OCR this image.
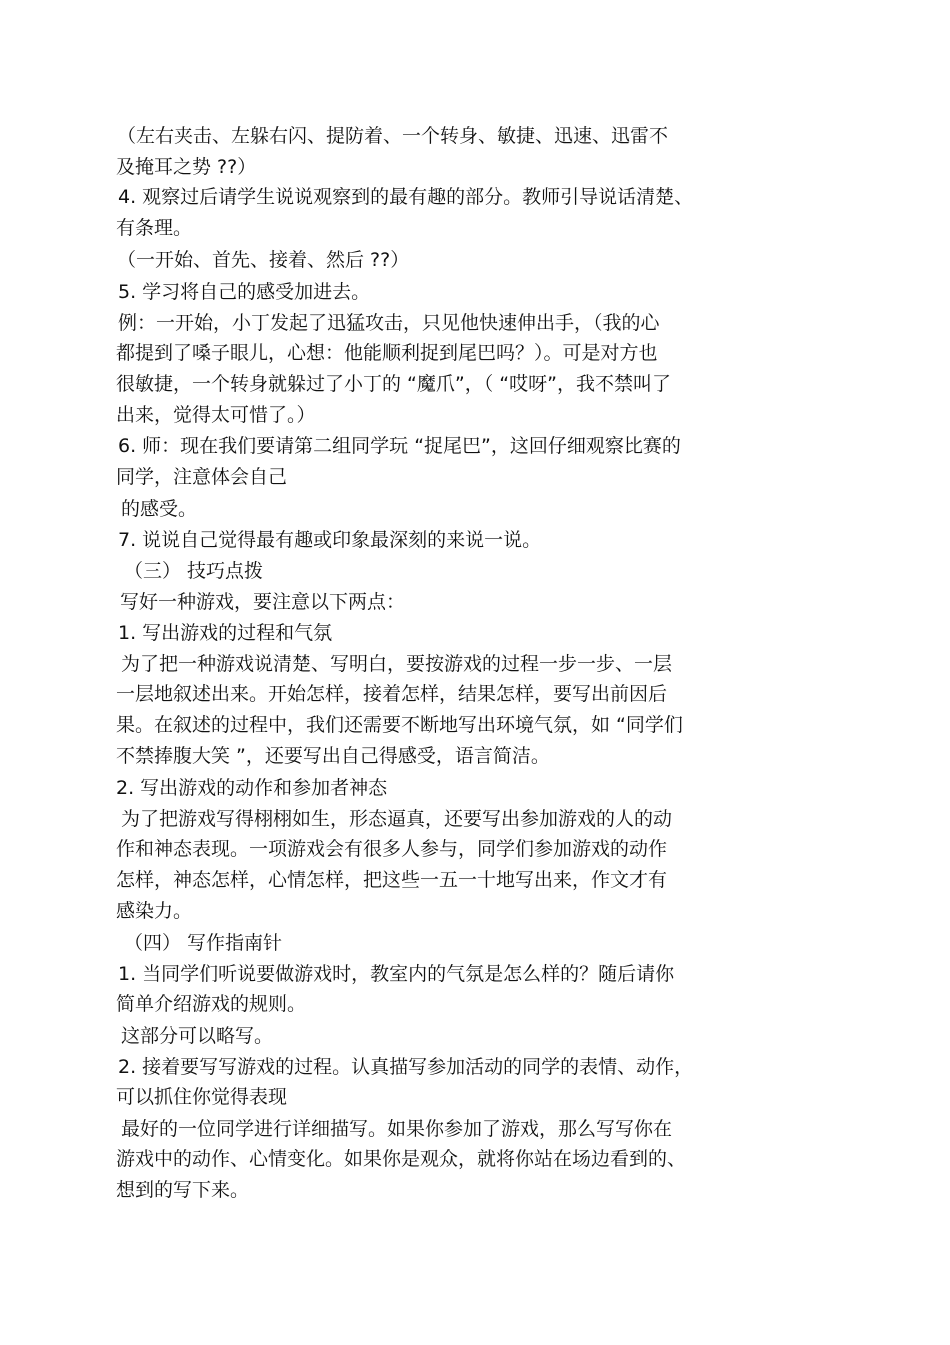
（左右夹击、左躲右闪、提防着、一个转身、敏捷、迅速、迅雷不
及掩耳之势 ??）
4. 观察过后请学生说说观察到的最有趣的部分。教师引导说话清楚、
有条理。
（一开始、首先、接着、然后 ??）
5. 学习将自己的感受加进去。
例：一开始，小丁发起了迅猛攻击，只见他快速伸出手，（我的心
都提到了嗓子眼儿，心想：他能顺利捉到尾巴吗？）。可是对方也
很敏捷，一个转身就躲过了小丁的 “魔爪”，（ “哎呀”，我不禁叫了
出来，觉得太可惜了。）
6. 师：现在我们要请第二组同学玩 “捉尾巴”，这回仔细观察比赛的
同学，注意体会自己
的感受。
7. 说说自己觉得最有趣或印象最深刻的来说一说。
（三） 技巧点拨
写好一种游戏，要注意以下两点：
1. 写出游戏的过程和气氛
为了把一种游戏说清楚、写明白，要按游戏的过程一步一步、一层
一层地叙述出来。开始怎样，接着怎样，结果怎样，要写出前因后
果。在叙述的过程中，我们还需要不断地写出环境气氛，如 “同学们
不禁捧腹大笑 ”，还要写出自己得感受，语言简洁。
2. 写出游戏的动作和参加者神态
为了把游戏写得栩栩如生，形态逼真，还要写出参加游戏的人的动
作和神态表现。一项游戏会有很多人参与，同学们参加游戏的动作
怎样，神态怎样，心情怎样，把这些一五一十地写出来，作文才有
感染力。
（四） 写作指南针
1. 当同学们听说要做游戏时，教室内的气氛是怎么样的？随后请你
简单介绍游戏的规则。
这部分可以略写。
2. 接着要写写游戏的过程。认真描写参加活动的同学的表情、动作，
可以抓住你觉得表现
最好的一位同学进行详细描写。如果你参加了游戏，那么写写你在
游戏中的动作、心情变化。如果你是观众，就将你站在场边看到的、
想到的写下来。
